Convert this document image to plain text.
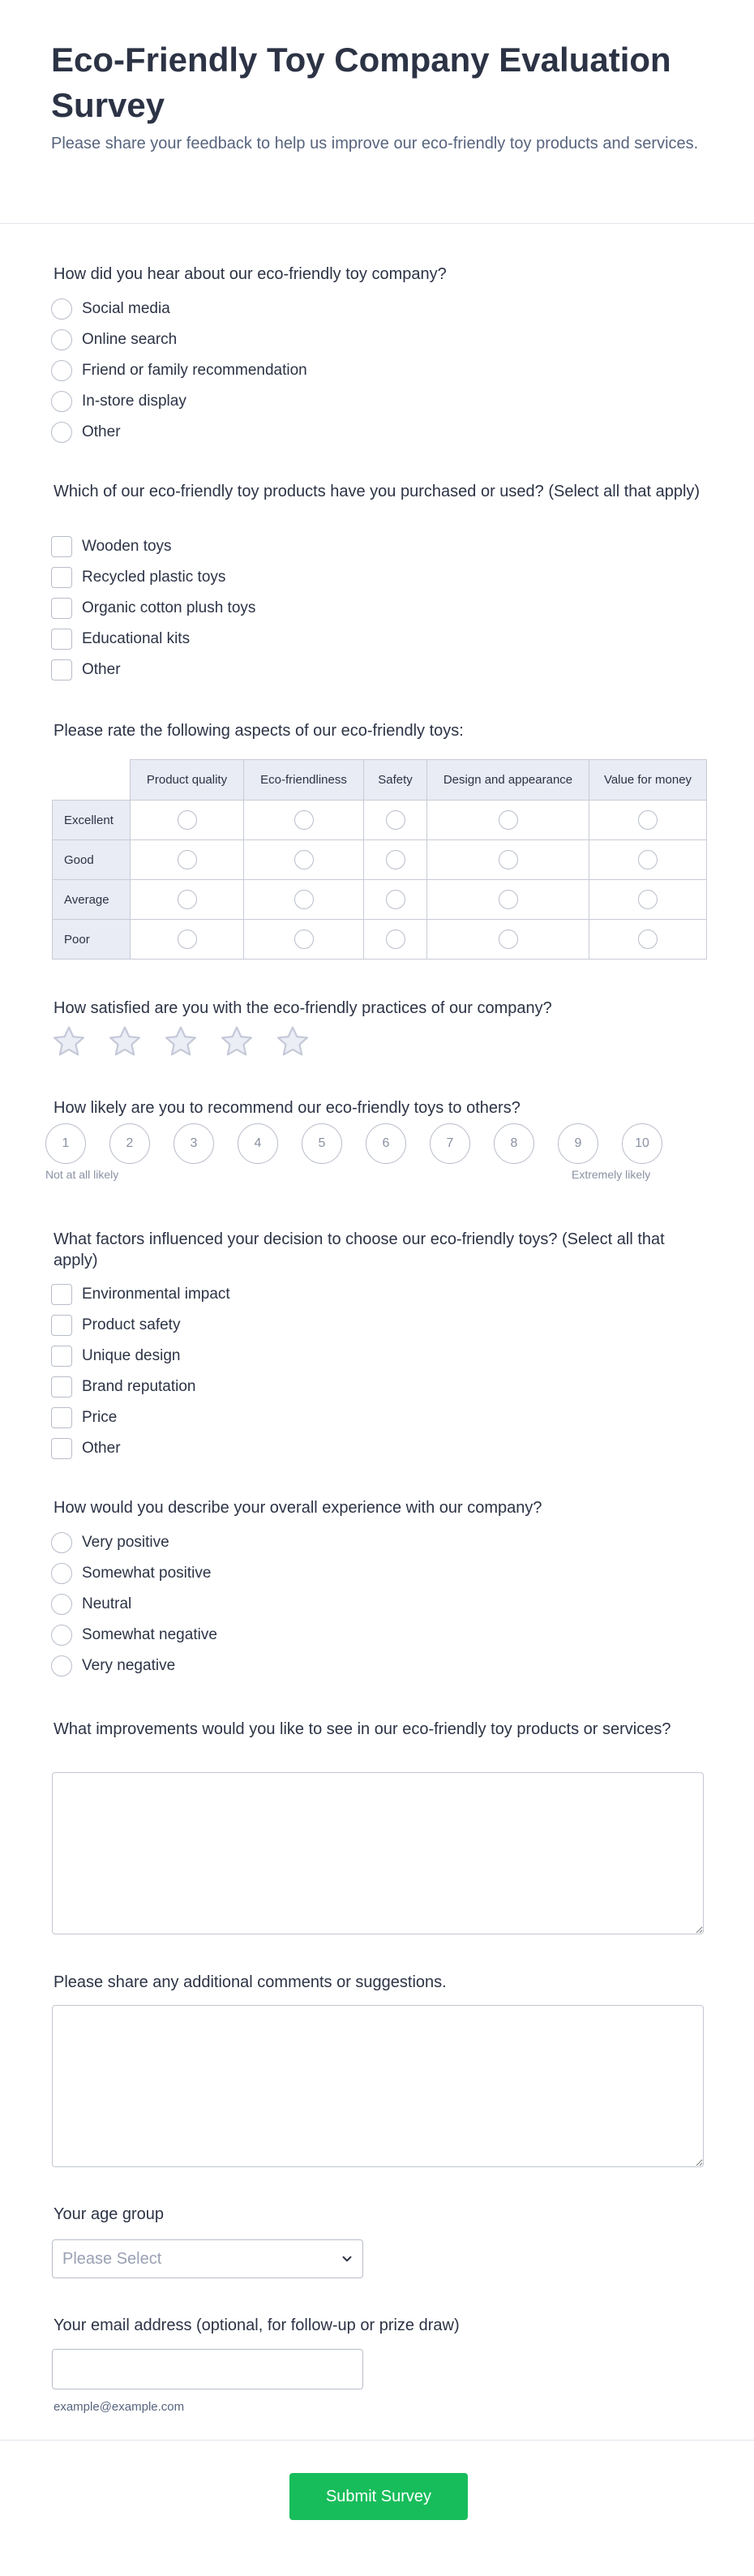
Eco-Friendly Toy Company Evaluation Survey

Please share your feedback to help us improve our eco-friendly toy products and services.

How did you hear about our eco-friendly toy company?
Social media
Online search
Friend or family recommendation
In-store display
Other
Which of our eco-friendly toy products have you purchased or used? (Select all that apply)
Wooden toys
Recycled plastic toys
Organic cotton plush toys
Educational kits
Other
Please rate the following aspects of our eco-friendly toys:
	Product quality	Eco-friendliness	Safety	Design and appearance	Value for money
Excellent					
Good					
Average					
Poor					
How satisfied are you with the eco-friendly practices of our company?
How likely are you to recommend our eco-friendly toys to others?
1	2	3	4	5	6	7	8	9	10
Not at all likely	Extremely likely
What factors influenced your decision to choose our eco-friendly toys? (Select all that apply)
Environmental impact
Product safety
Unique design
Brand reputation
Price
Other
How would you describe your overall experience with our company?
Very positive
Somewhat positive
Neutral
Somewhat negative
Very negative
What improvements would you like to see in our eco-friendly toy products or services?
Please share any additional comments or suggestions.
Your age group
Please Select
Your email address (optional, for follow-up or prize draw)
example@example.com
Submit Survey
